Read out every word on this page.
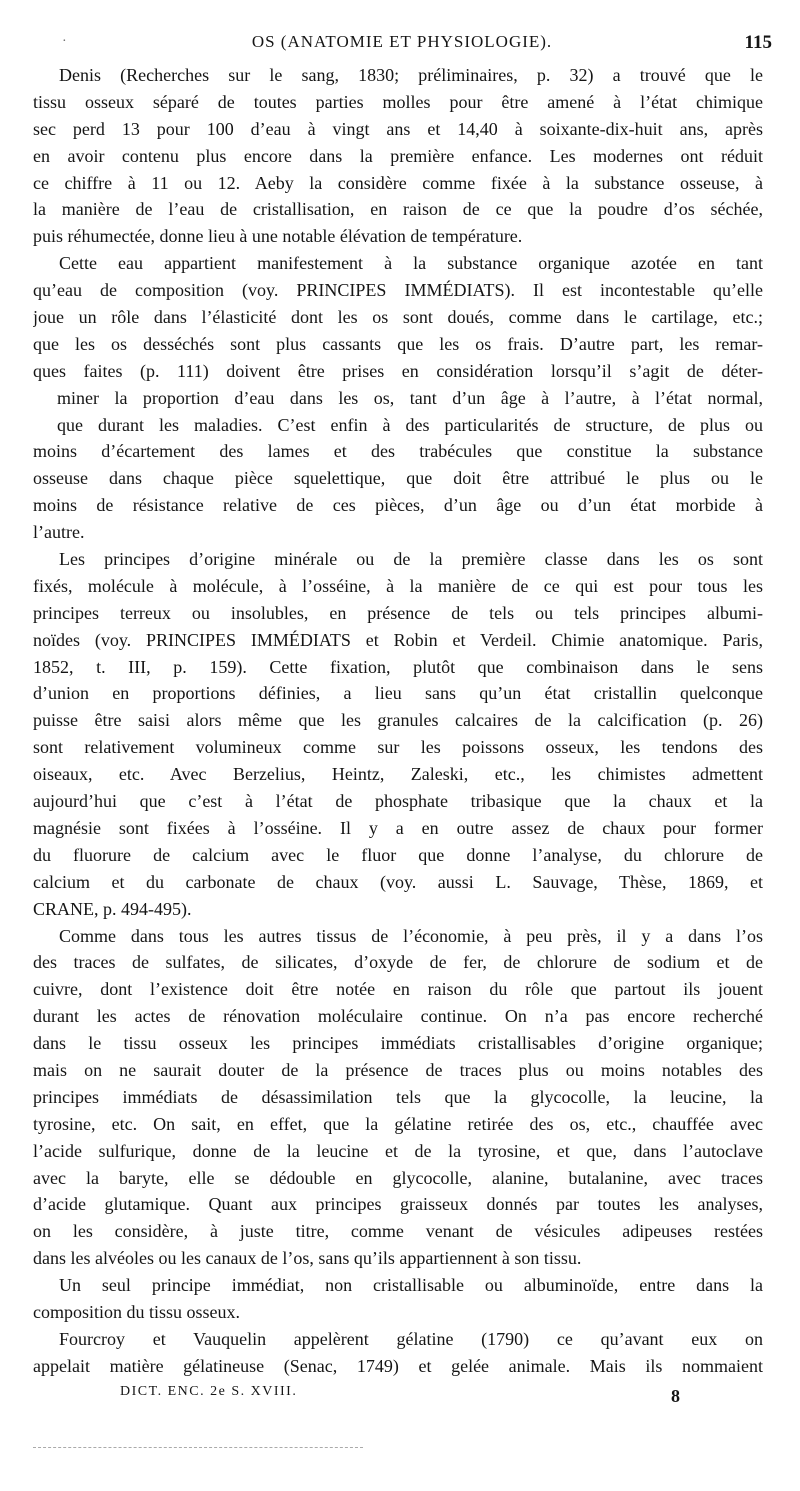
·	OS (ANATOMIE ET PHYSIOLOGIE).	115
Denis (Recherches sur le sang, 1830; préliminaires, p. 32) a trouvé que le
tissu osseux séparé de toutes parties molles pour être amené à l’état chimique
sec perd 13 pour 100 d’eau à vingt ans et 14,40 à soixante-dix-huit ans, après
en avoir contenu plus encore dans la première enfance. Les modernes ont réduit
ce chiffre à 11 ou 12. Aeby la considère comme fixée à la substance osseuse, à
la manière de l’eau de cristallisation, en raison de ce que la poudre d’os séchée,
puis réhumectée, donne lieu à une notable élévation de température.
Cette eau appartient manifestement à la substance organique azotée en tant
qu’eau de composition (voy. PRINCIPES IMMÉDIATS). Il est incontestable qu’elle
joue un rôle dans l’élasticité dont les os sont doués, comme dans le cartilage, etc.;
que les os desséchés sont plus cassants que les os frais. D’autre part, les remar-
ques faites (p. 111) doivent être prises en considération lorsqu’il s’agit de déter-
miner la proportion d’eau dans les os, tant d’un âge à l’autre, à l’état normal,
que durant les maladies. C’est enfin à des particularités de structure, de plus ou
moins d’écartement des lames et des trabécules que constitue la substance
osseuse dans chaque pièce squelettique, que doit être attribué le plus ou le
moins de résistance relative de ces pièces, d’un âge ou d’un état morbide à
l’autre.
Les principes d’origine minérale ou de la première classe dans les os sont
fixés, molécule à molécule, à l’osséine, à la manière de ce qui est pour tous les
principes terreux ou insolubles, en présence de tels ou tels principes albumi-
noïdes (voy. PRINCIPES IMMÉDIATS et Robin et Verdeil. Chimie anatomique. Paris,
1852, t. III, p. 159). Cette fixation, plutôt que combinaison dans le sens
d’union en proportions définies, a lieu sans qu’un état cristallin quelconque
puisse être saisi alors même que les granules calcaires de la calcification (p. 26)
sont relativement volumineux comme sur les poissons osseux, les tendons des
oiseaux, etc. Avec Berzelius, Heintz, Zaleski, etc., les chimistes admettent
aujourd’hui que c’est à l’état de phosphate tribasique que la chaux et la
magnésie sont fixées à l’osséine. Il y a en outre assez de chaux pour former
du fluorure de calcium avec le fluor que donne l’analyse, du chlorure de
calcium et du carbonate de chaux (voy. aussi L. Sauvage, Thèse, 1869, et
CRANE, p. 494-495).
Comme dans tous les autres tissus de l’économie, à peu près, il y a dans l’os
des traces de sulfates, de silicates, d’oxyde de fer, de chlorure de sodium et de
cuivre, dont l’existence doit être notée en raison du rôle que partout ils jouent
durant les actes de rénovation moléculaire continue. On n’a pas encore recherché
dans le tissu osseux les principes immédiats cristallisables d’origine organique;
mais on ne saurait douter de la présence de traces plus ou moins notables des
principes immédiats de désassimilation tels que la glycocolle, la leucine, la
tyrosine, etc. On sait, en effet, que la gélatine retirée des os, etc., chauffée avec
l’acide sulfurique, donne de la leucine et de la tyrosine, et que, dans l’autoclave
avec la baryte, elle se dédouble en glycocolle, alanine, butalanine, avec traces
d’acide glutamique. Quant aux principes graisseux donnés par toutes les analyses,
on les considère, à juste titre, comme venant de vésicules adipeuses restées
dans les alvéoles ou les canaux de l’os, sans qu’ils appartiennent à son tissu.
Un seul principe immédiat, non cristallisable ou albuminoïde, entre dans la
composition du tissu osseux.
Fourcroy et Vauquelin appelèrent gélatine (1790) ce qu’avant eux on
appelait matière gélatineuse (Senac, 1749) et gelée animale. Mais ils nommaient
DICT. ENC. 2e S. XVIII.	8
